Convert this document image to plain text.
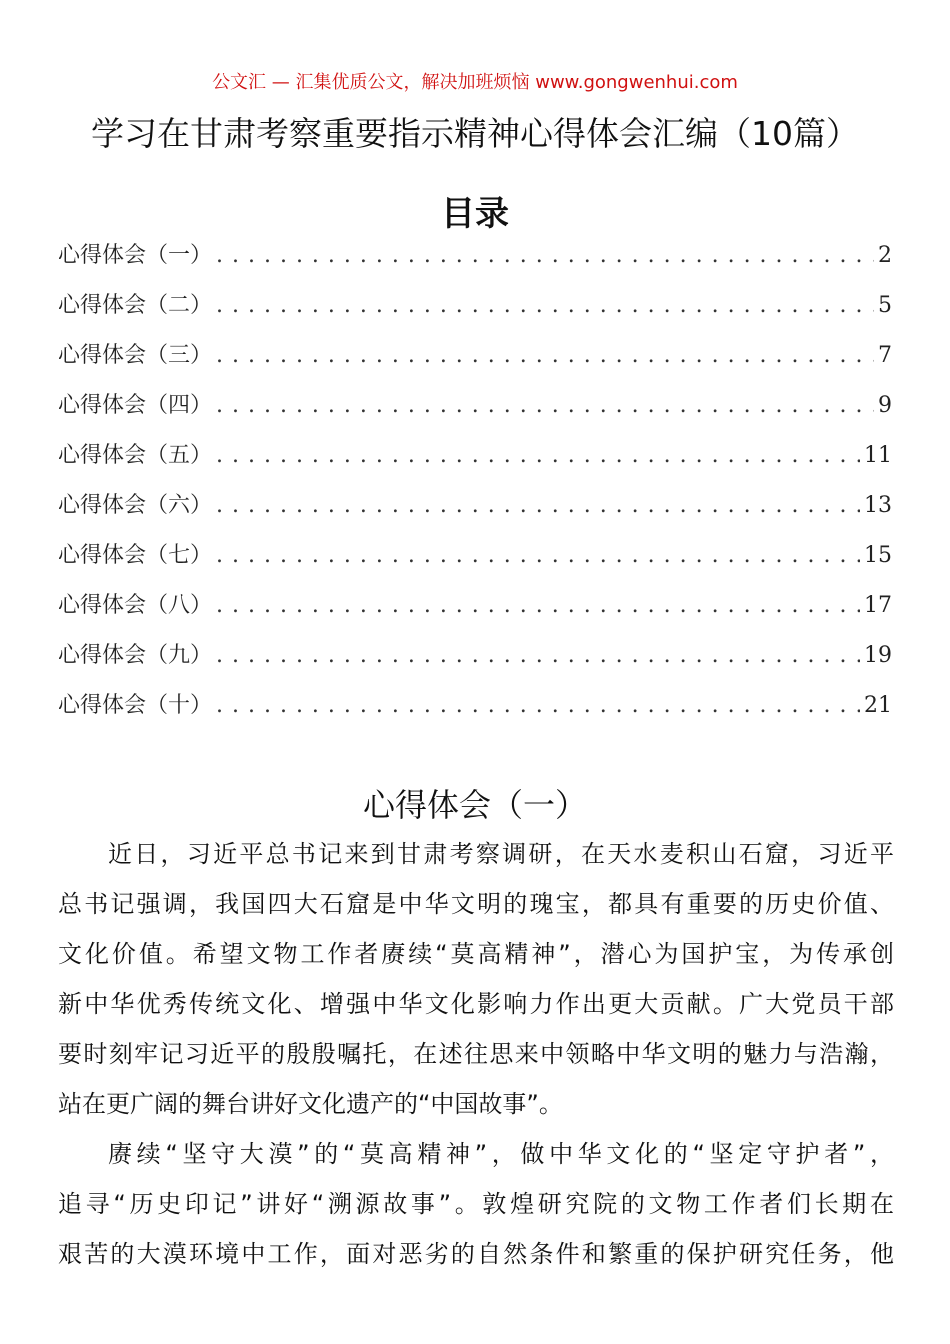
公文汇 — 汇集优质公文，解决加班烦恼 www.gongwenhui.com
学习在甘肃考察重要指示精神心得体会汇编（10篇）
目录
心得体会（一） . . .	2
心得体会（二） . . .	5
心得体会（三） . . .	7
心得体会（四） . . .	9
心得体会（五） . . .	11
心得体会（六） . . .	13
心得体会（七） . . .	15
心得体会（八） . . .	17
心得体会（九） . . .	19
心得体会（十） . . .	21
心得体会（一）
近日，习近平总书记来到甘肃考察调研，在天水麦积山石窟，习近平
总书记强调，我国四大石窟是中华文明的瑰宝，都具有重要的历史价值、
文化价值。希望文物工作者赓续“莫高精神”，潜心为国护宝，为传承创
新中华优秀传统文化、增强中华文化影响力作出更大贡献。广大党员干部
要时刻牢记习近平的殷殷嘱托，在述往思来中领略中华文明的魅力与浩瀚，
站在更广阔的舞台讲好文化遗产的“中国故事”。
赓续“坚守大漠”的“莫高精神”，做中华文化的“坚定守护者”，
追寻“历史印记”讲好“溯源故事”。敦煌研究院的文物工作者们长期在
艰苦的大漠环境中工作，面对恶劣的自然条件和繁重的保护研究任务，他
